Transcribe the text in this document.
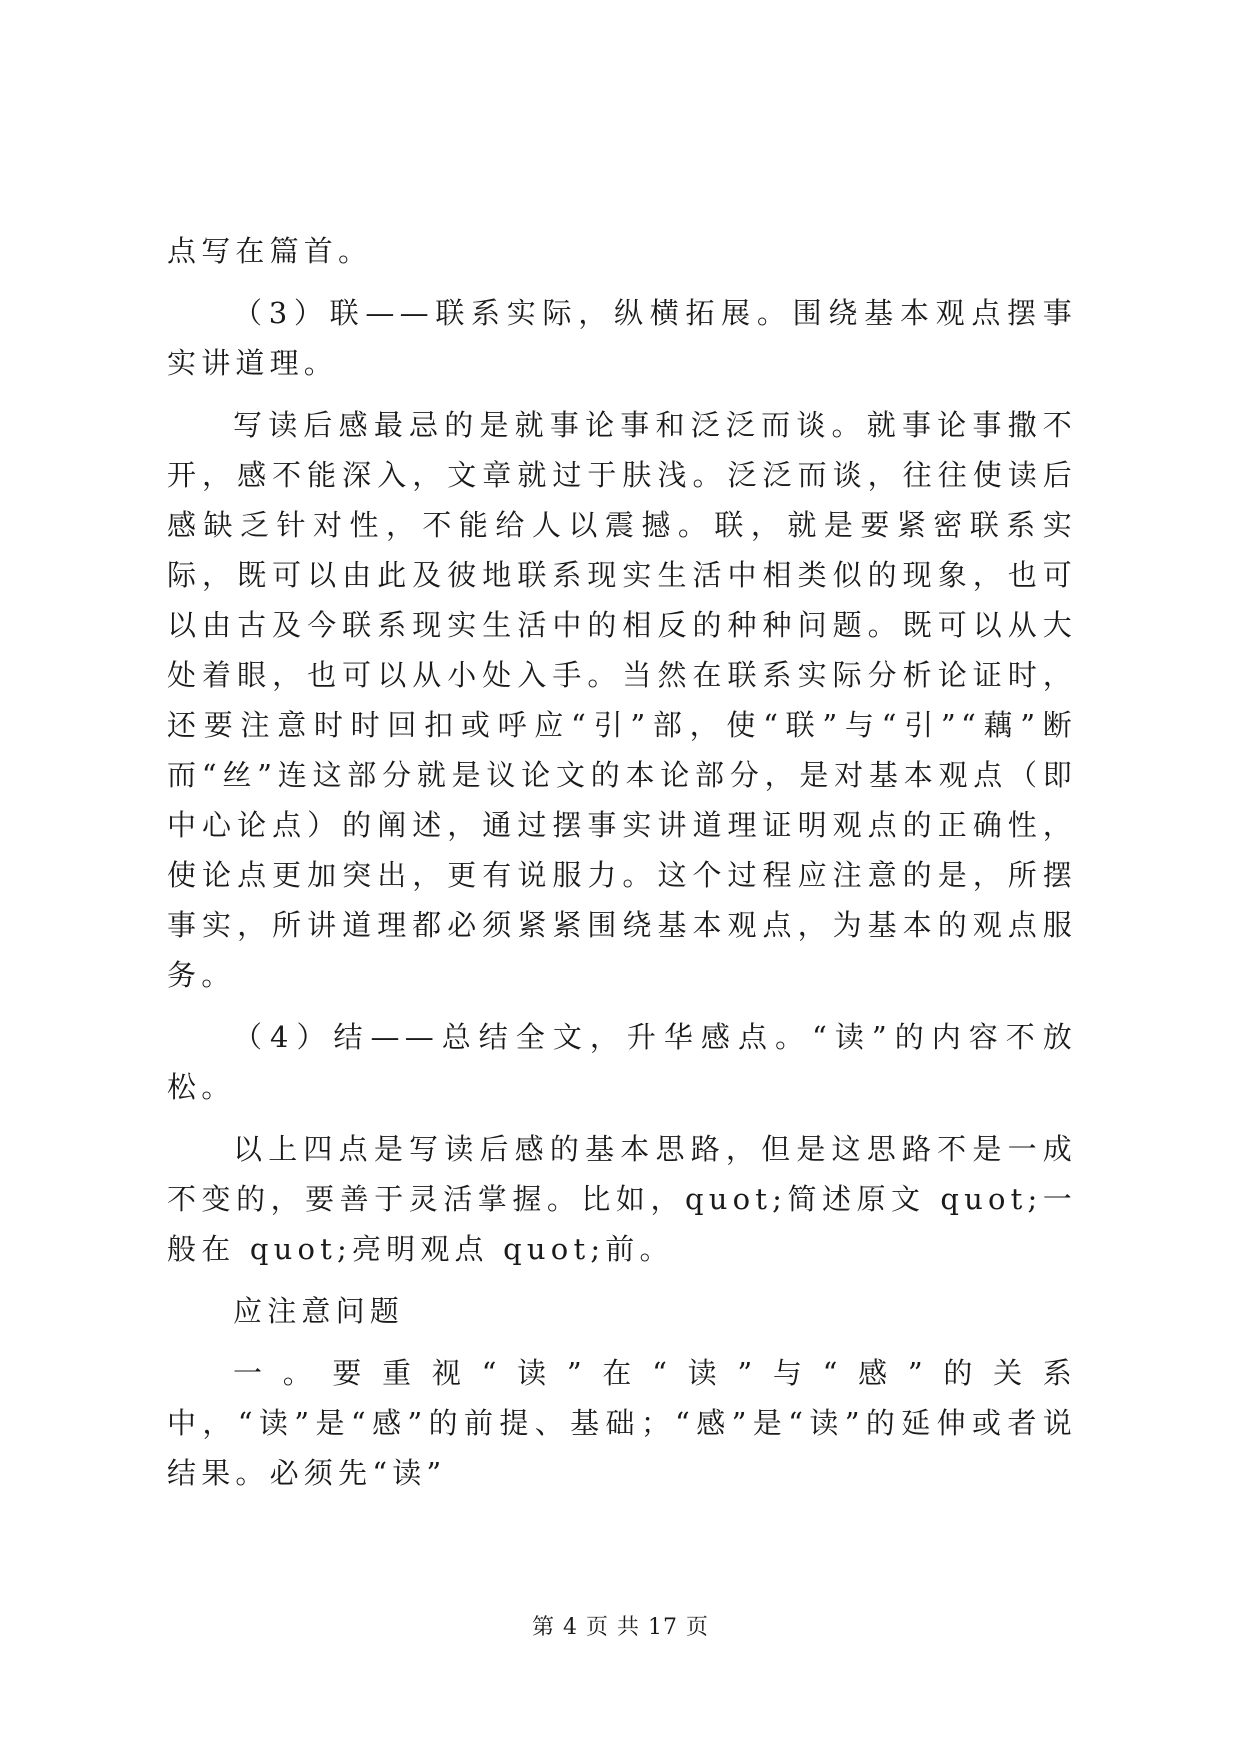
点写在篇首。

（3）联——联系实际，纵横拓展。围绕基本观点摆事实讲道理。

写读后感最忌的是就事论事和泛泛而谈。就事论事撒不开，感不能深入，文章就过于肤浅。泛泛而谈，往往使读后感缺乏针对性，不能给人以震撼。联，就是要紧密联系实际，既可以由此及彼地联系现实生活中相类似的现象，也可以由古及今联系现实生活中的相反的种种问题。既可以从大处着眼，也可以从小处入手。当然在联系实际分析论证时，还要注意时时回扣或呼应“引”部，使“联”与“引”“藕”断而“丝”连这部分就是议论文的本论部分，是对基本观点（即中心论点）的阐述，通过摆事实讲道理证明观点的正确性，使论点更加突出，更有说服力。这个过程应注意的是，所摆事实，所讲道理都必须紧紧围绕基本观点，为基本的观点服务。

（4）结——总结全文，升华感点。“读”的内容不放松。

以上四点是写读后感的基本思路，但是这思路不是一成不变的，要善于灵活掌握。比如，quot;简述原文 quot;一般在 quot;亮明观点 quot;前。

应注意问题

一。要重视“读”在“读”与“感”的关系中，“读”是“感”的前提、基础；“感”是“读”的延伸或者说结果。必须先“读”

第 4 页 共 17 页
